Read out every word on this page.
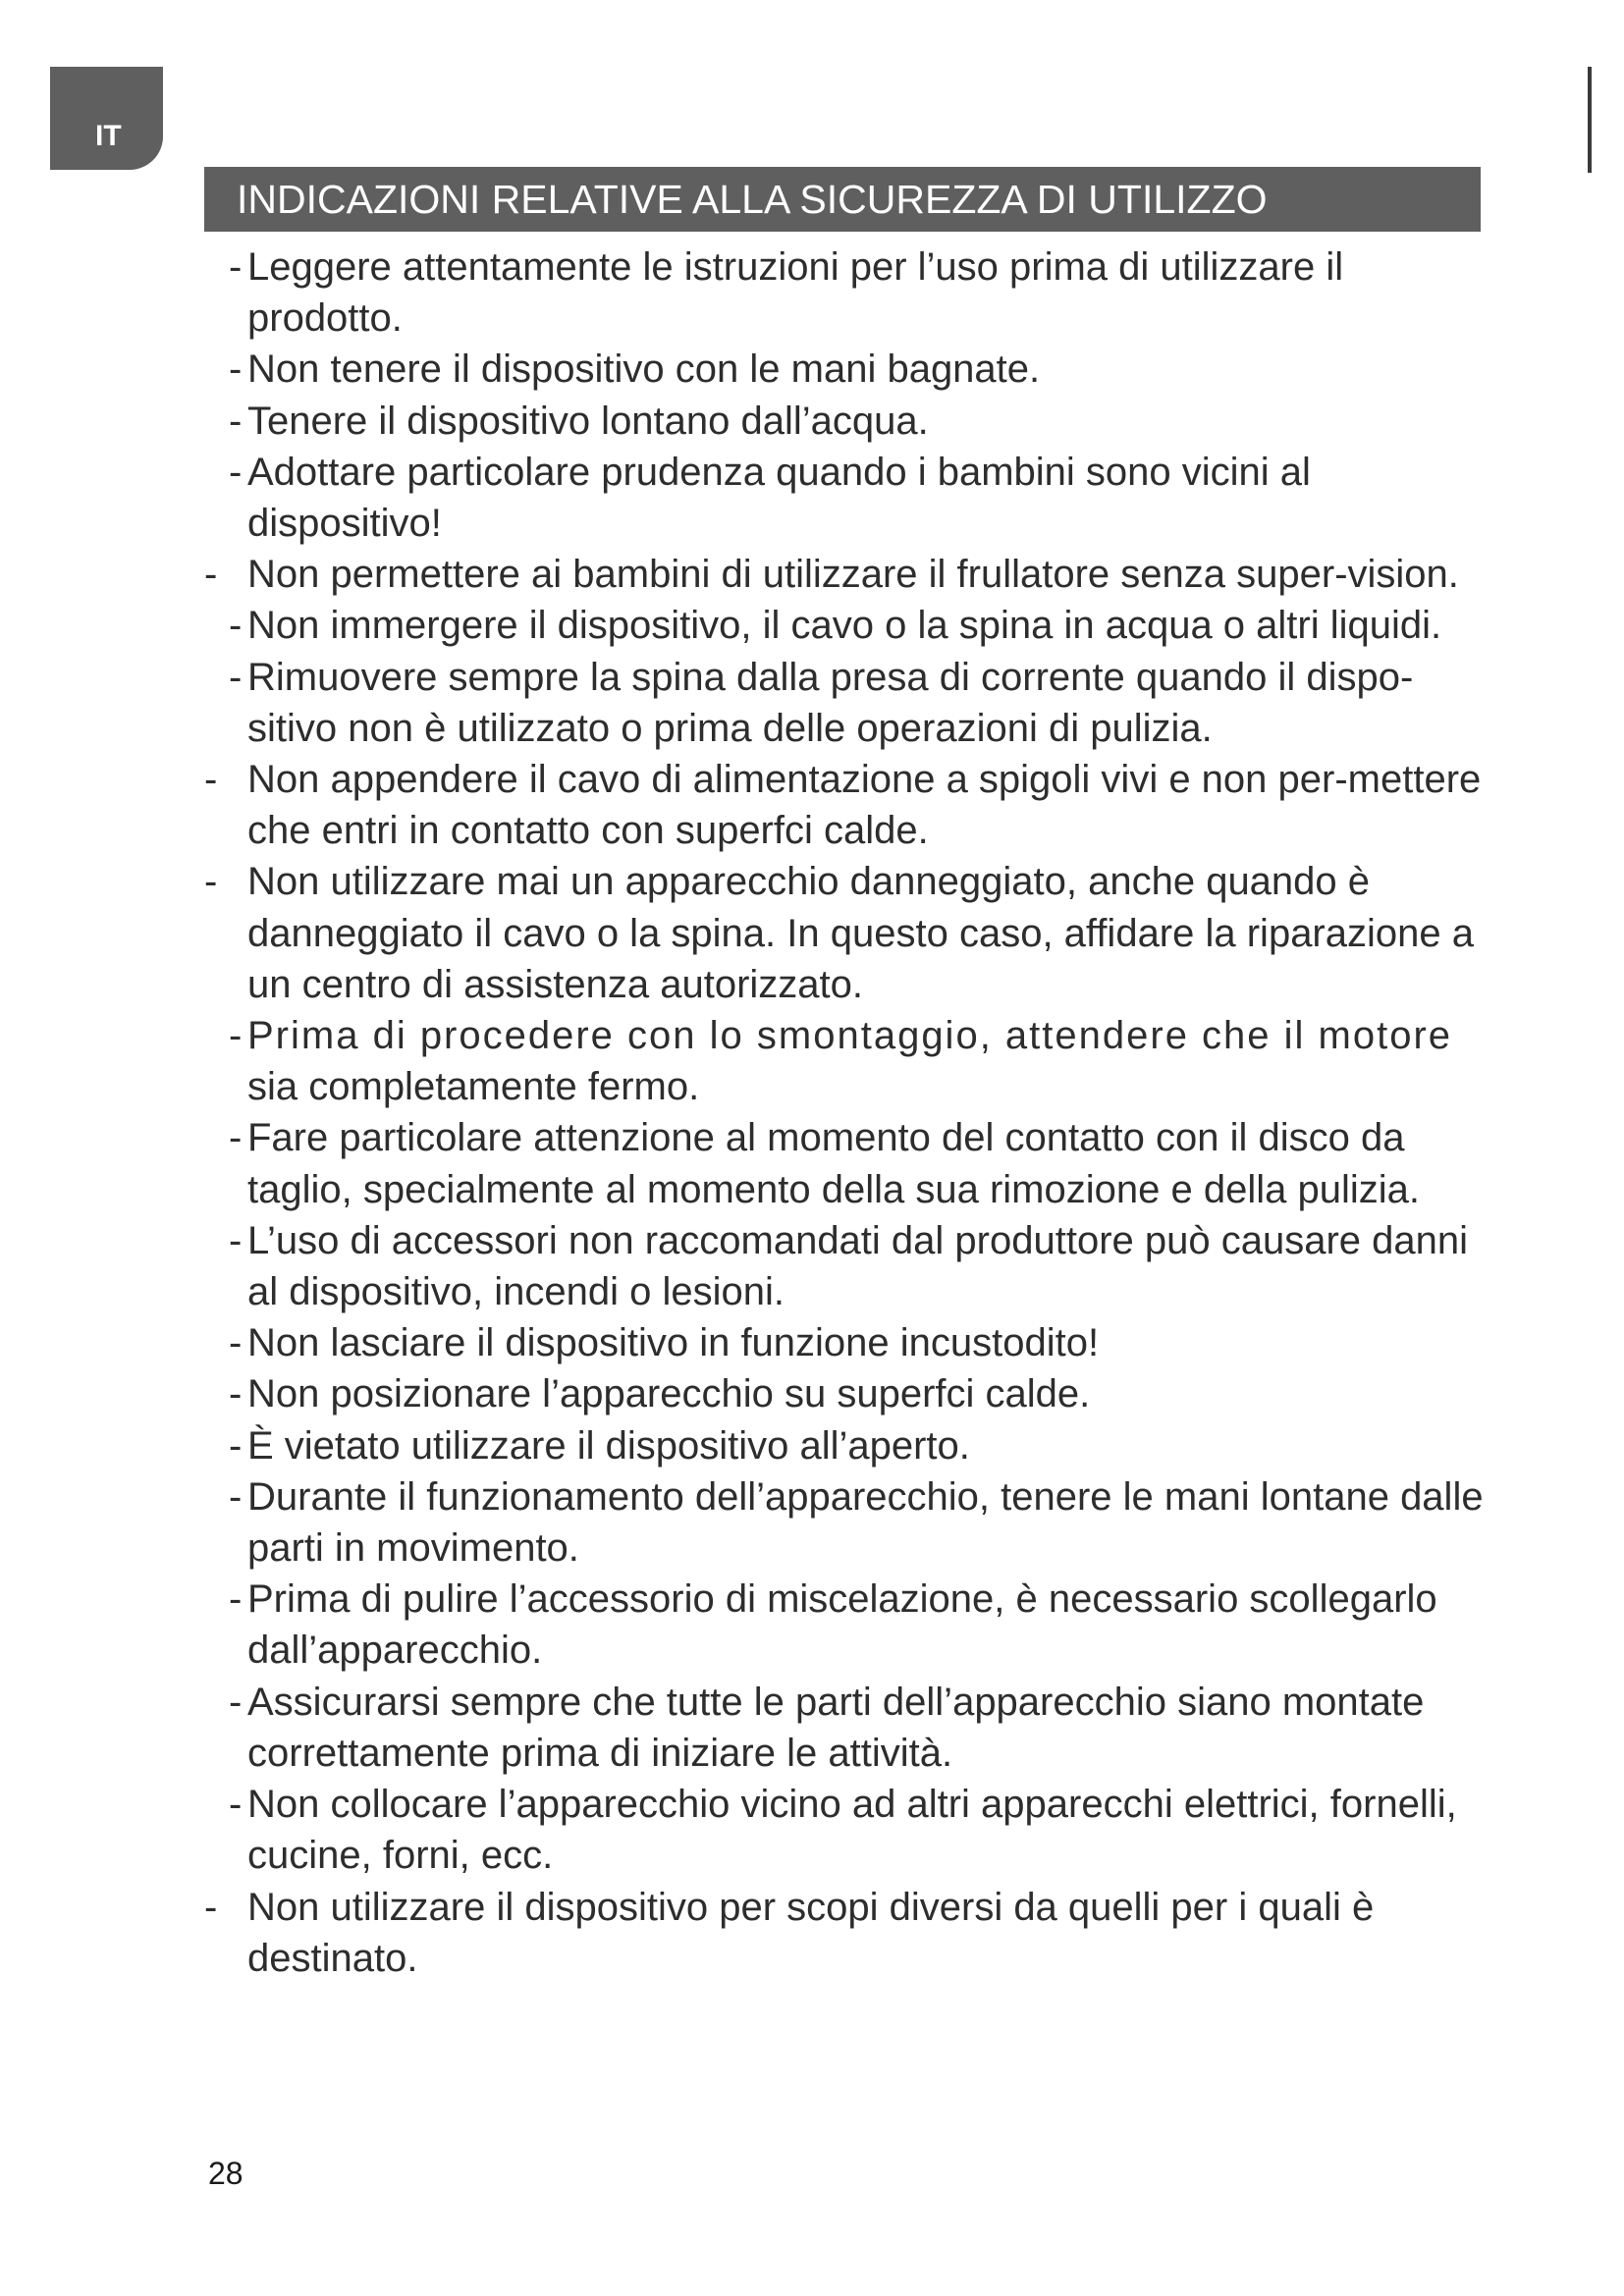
IT
INDICAZIONI RELATIVE ALLA SICUREZZA DI UTILIZZO
- Leggere attentamente le istruzioni per l’uso prima di utilizzare il prodotto.
- Non tenere il dispositivo con le mani bagnate.
- Tenere il dispositivo lontano dall’acqua.
- Adottare particolare prudenza quando i bambini sono vicini al dispositivo!
- Non permettere ai bambini di utilizzare il frullatore senza super-vision.
- Non immergere il dispositivo, il cavo o la spina in acqua o altri liquidi.
- Rimuovere sempre la spina dalla presa di corrente quando il dispo-sitivo non è utilizzato o prima delle operazioni di pulizia.
- Non appendere il cavo di alimentazione a spigoli vivi e non per-mettere che entri in contatto con superfci calde.
- Non utilizzare mai un apparecchio danneggiato, anche quando è danneggiato il cavo o la spina. In questo caso, affidare la riparazione a un centro di assistenza autorizzato.
- Prima di procedere con lo smontaggio, attendere che il motore
sia completamente fermo.
- Fare particolare attenzione al momento del contatto con il disco da taglio, specialmente al momento della sua rimozione e della pulizia.
- L’uso di accessori non raccomandati dal produttore può causare danni al dispositivo, incendi o lesioni.
- Non lasciare il dispositivo in funzione incustodito!
- Non posizionare l’apparecchio su superfci calde.
- È vietato utilizzare il dispositivo all’aperto.
- Durante il funzionamento dell’apparecchio, tenere le mani lontane dalle parti in movimento.
- Prima di pulire l’accessorio di miscelazione, è necessario scollegarlo dall’apparecchio.
- Assicurarsi sempre che tutte le parti dell’apparecchio siano montate correttamente prima di iniziare le attività.
- Non collocare l’apparecchio vicino ad altri apparecchi elettrici, fornelli, cucine, forni, ecc.
- Non utilizzare il dispositivo per scopi diversi da quelli per i quali è destinato.
28
